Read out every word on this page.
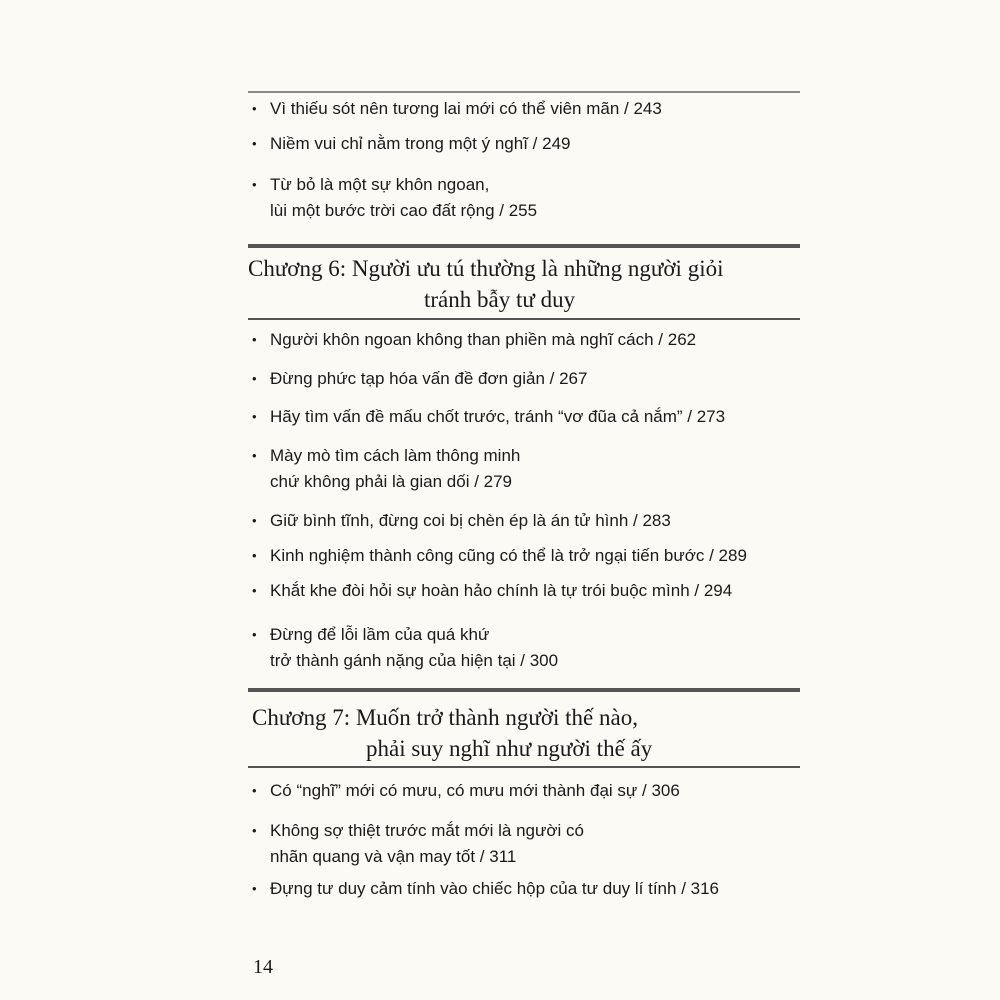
• Vì thiếu sót nên tương lai mới có thể viên mãn / 243
• Niềm vui chỉ nằm trong một ý nghĩ / 249
• Từ bỏ là một sự khôn ngoan,
lùi một bước trời cao đất rộng / 255
Chương 6: Người ưu tú thường là những người giỏi
tránh bẫy tư duy
• Người khôn ngoan không than phiền mà nghĩ cách / 262
• Đừng phức tạp hóa vấn đề đơn giản / 267
• Hãy tìm vấn đề mấu chốt trước, tránh “vơ đũa cả nắm” / 273
• Mày mò tìm cách làm thông minh
chứ không phải là gian dối / 279
• Giữ bình tĩnh, đừng coi bị chèn ép là án tử hình / 283
• Kinh nghiệm thành công cũng có thể là trở ngại tiến bước / 289
• Khắt khe đòi hỏi sự hoàn hảo chính là tự trói buộc mình / 294
• Đừng để lỗi lầm của quá khứ
trở thành gánh nặng của hiện tại / 300
Chương 7: Muốn trở thành người thế nào,
phải suy nghĩ như người thế ấy
• Có “nghĩ” mới có mưu, có mưu mới thành đại sự / 306
• Không sợ thiệt trước mắt mới là người có
nhãn quang và vận may tốt / 311
• Đựng tư duy cảm tính vào chiếc hộp của tư duy lí tính / 316
14
